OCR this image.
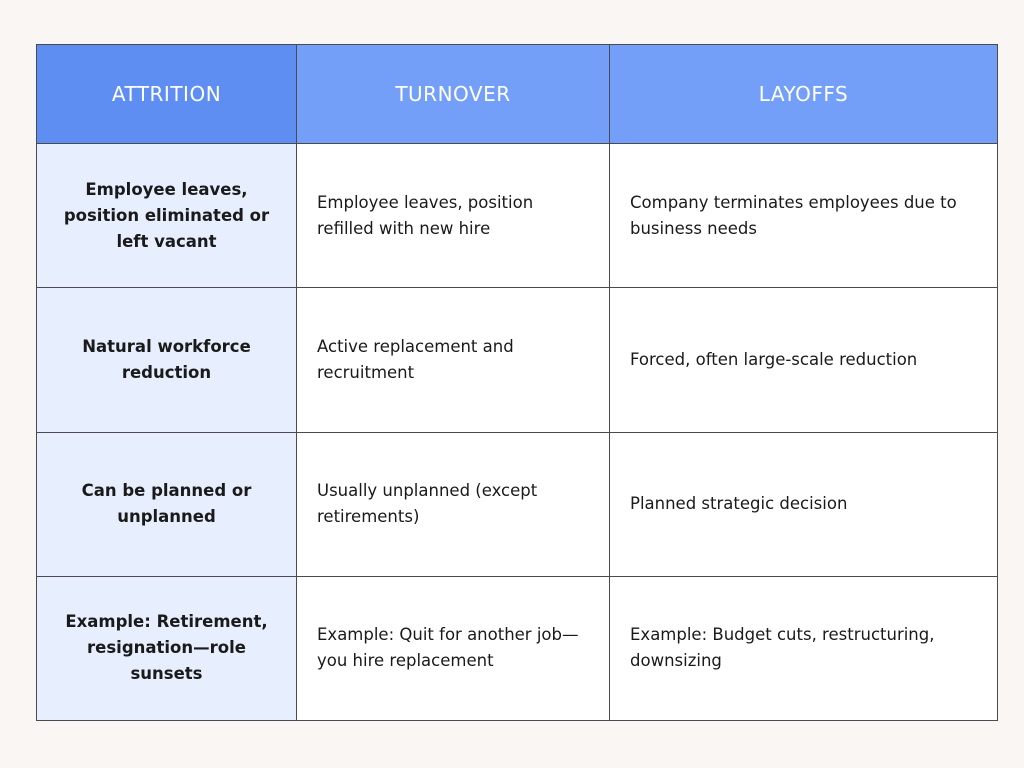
ATTRITION	TURNOVER	LAYOFFS
Employee leaves, position eliminated or left vacant	Employee leaves, position refilled with new hire	Company terminates employees due to business needs
Natural workforce reduction	Active replacement and recruitment	Forced, often large-scale reduction
Can be planned or unplanned	Usually unplanned (except retirements)	Planned strategic decision
Example: Retirement, resignation—role sunsets	Example: Quit for another job—you hire replacement	Example: Budget cuts, restructuring, downsizing
